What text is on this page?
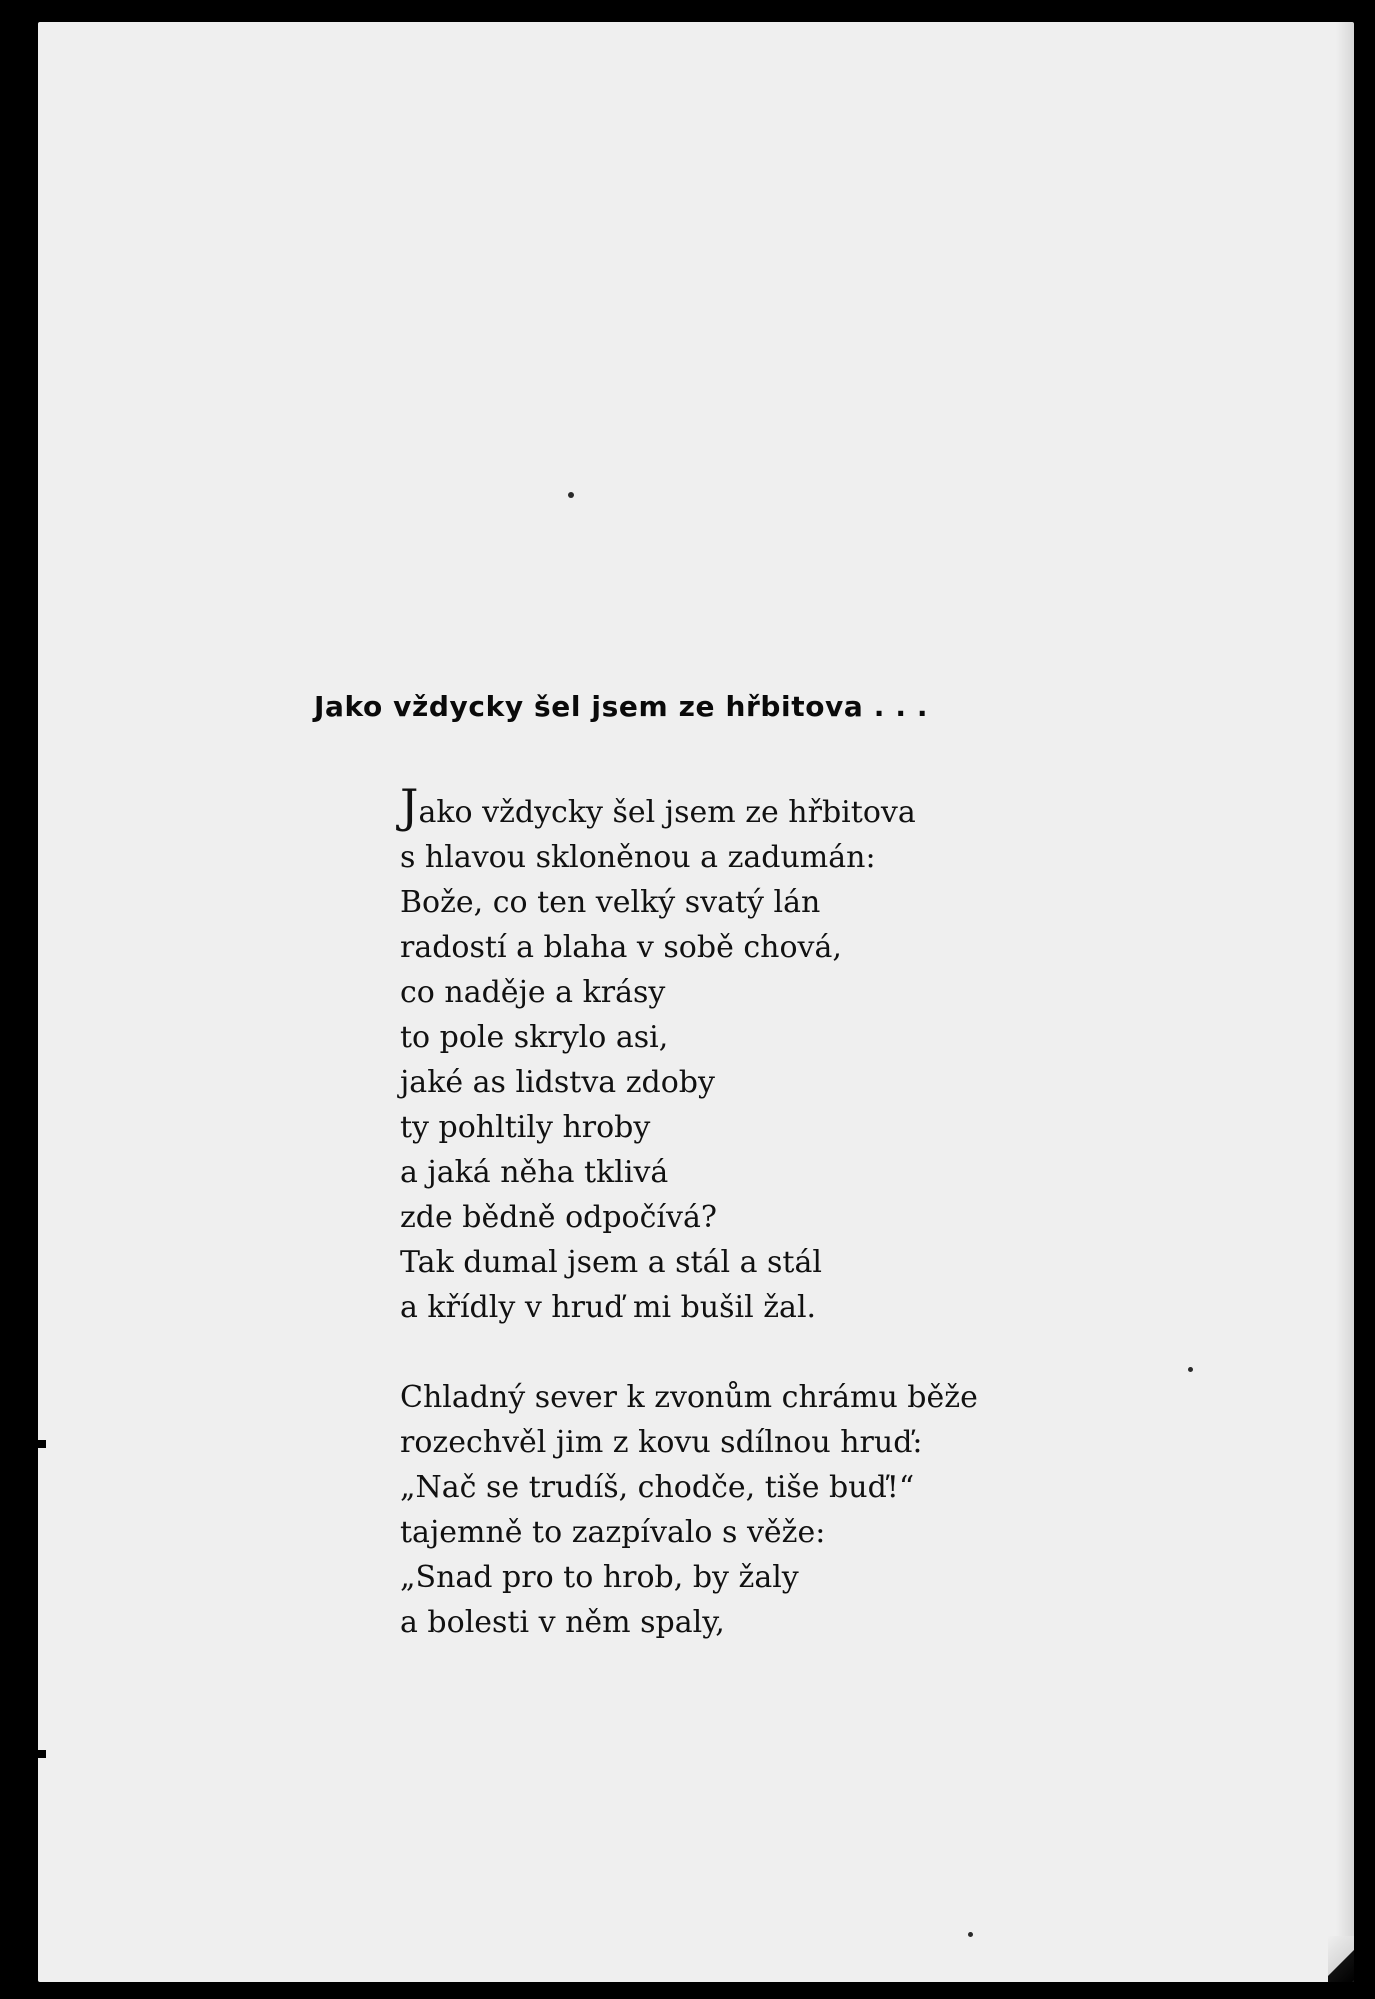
Jako vždycky šel jsem ze hřbitova . . .
Jako vždycky šel jsem ze hřbitova
s hlavou skloněnou a zadumán:
Bože, co ten velký svatý lán
radostí a blaha v sobě chová,
co naděje a krásy
to pole skrylo asi,
jaké as lidstva zdoby
ty pohltily hroby
a jaká něha tklivá
zde bědně odpočívá?
Tak dumal jsem a stál a stál
a křídly v hruď mi bušil žal.
Chladný sever k zvonům chrámu běže
rozechvěl jim z kovu sdílnou hruď:
„Nač se trudíš, chodče, tiše buď!“
tajemně to zazpívalo s věže:
„Snad pro to hrob, by žaly
a bolesti v něm spaly,
